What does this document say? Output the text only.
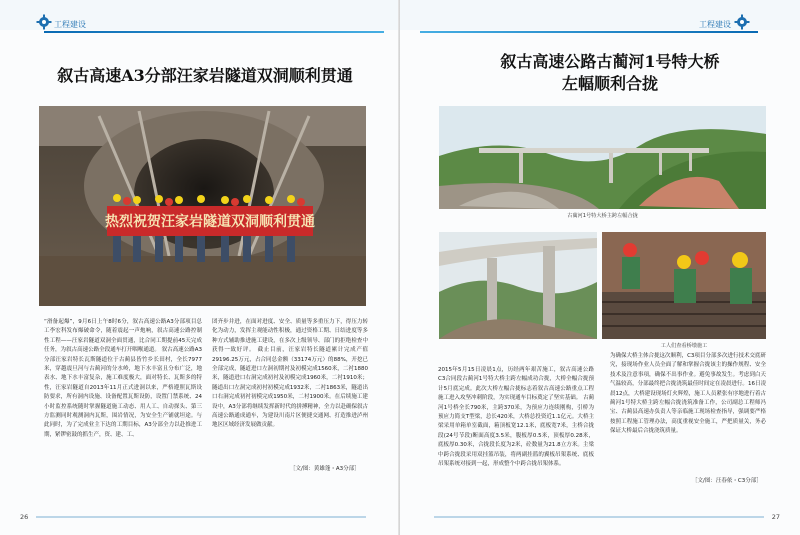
工程建设
叙古高速A3分部汪家岩隧道双洞顺利贯通
热烈祝贺汪家岩隧道双洞顺利贯通
“滑备起爆”，9月6日上午8时6分，叙古高速公路A3分部项目总工李宏科发布爆破命令，随着震起一声炮响，叙古高速公路控制性工程——汪家岩隧道双洞全面贯通，比合同工期提前45天完成任务，为叙古高速公路全段通车打开咽喉通道。 叙古高速公路A3分部汪家岩特长瓦斯隧道位于古蔺县皆竹乡长田村，全长7977米，穿越震旦河与古蔺河的分水岭，地下水丰富且分布广泛，地表水、地下水丰富复杂，施工难度极大，面对特长、瓦斯多的特性，汪家岩隧道自2013年11月正式进洞以来，严格遵照瓦斯设防要求，所有洞内设施、设备配置瓦斯设防，设置门禁系统、24小时监控系统随时掌握隧道施工动态、用人工、自动探头、第三方监测同时观测洞内瓦斯，围岩情况，为安全生产铺就坦途。与此同时，为了完成业主下达的工期目标，A3分部全力以赴推进工期，紧锣密鼓的抓生产，资、建、工、
团齐步并进，在面对进度、安全、质量等多重压力下，得压力转化为动力，发挥主观能动性积极，通过资格工期、日结进度等多种方式辅助推进施工建设，在多次上级领导、部门的拒绝检查中获得一致好评。 截止目前，汪家岩特长隧道累计完成产值29196.25万元，占合同总金额（33174万元）的88%，开挖已全部完成，隧道进口左洞初期衬及初模完成1560米，二衬1880米，隧道进口右洞完成初衬及初模完成1960米，二衬1910米；隧道出口左洞完成初衬初模完成1932米，二衬1863米，隧道出口右洞完成初衬初模完成1950米，二衬1900米。在后续施工建设中，A3分部将继续发挥新时代的拼搏精神，全力以赴确保叙古高速公路通成通车，为建设川南片区便捷交通网、打造推进泸州地区区域经济发展做贡献。
［文/图：黄雄蓬・A3分部］
26
工程建设
叙古高速公路古蔺河1号特大桥
左幅顺利合拢
古蔺河1号特大桥主跨左幅合拢
工人们查看桥墩施工
2015年5月15日凌晨1点，历经两年艰苦施工，叙古高速公路C3合同段古蔺河1号特大桥主跨左幅成功合拢，大桥全幅合拢预计5月底完成。此次大桥左幅合拢标志着叙古高速公路重点工程施工进入攻坚冲刺阶段，为实现通车目标奠定了坚实基础。 古蔺河1号桥全长790米，主跨370米，为预应力连续刚构，引桥为预应力简支T型梁，总长420米，大桥总投资近1.1亿元。大桥主梁采用单箱单室截面，箱顶板宽12.1米，底板宽7米，主桥合拢段(24号节段)断面高度3.5米，腹板厚0.5米，顶板厚0.28米，底板厚0.30米，合拢段长度为2米，砼数量为21.8立方米。主梁中跨合拢段采用双挂篮吊装，将两副挂篮的翼板吊架系统、底板吊架系统对接到一起，形成整个中跨合拢吊架体系。
为确保大桥主体合拢这次顺利，C3项目分部多次进行技术交底研究，接现场作业人员全面了解和掌握合拢该主的操作规程、安全技术及注意事项，确保不出事作业。避免事故发生。考虑到白天气温较高，分部最终把合拢浇筑最佳时间定在凌晨进行。16日凌晨12点，大桥建设现场灯火辉煌，施工人员紧张有序地进行着古蔺河1号特大桥主跨左幅合拢浇筑准备工作，公司副总工程师冯宝、古蔺县高速办负责人等亲临施工现场检查指导，强调要严格按照工程施工管理办法，高度重视安全施工，严把质量关，务必保证大桥最后合拢浇筑质量。
［文/图：汪春依・C3分部］
27
